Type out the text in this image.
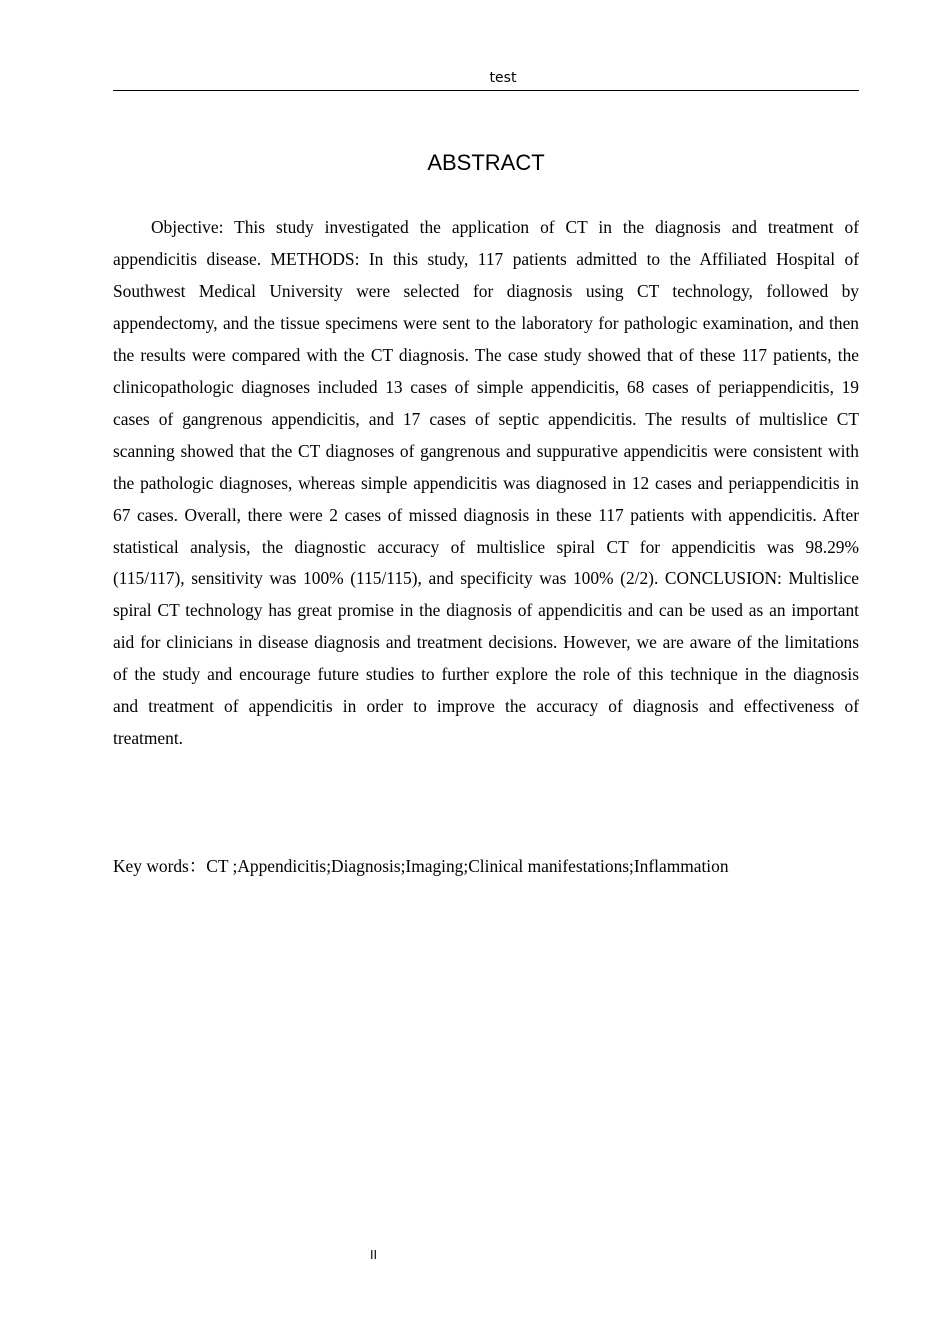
test
ABSTRACT

Objective: This study investigated the application of CT in the diagnosis and treatment of appendicitis disease. METHODS: In this study, 117 patients admitted to the Affiliated Hospital of Southwest Medical University were selected for diagnosis using CT technology, followed by appendectomy, and the tissue specimens were sent to the laboratory for pathologic examination, and then the results were compared with the CT diagnosis. The case study showed that of these 117 patients, the clinicopathologic diagnoses included 13 cases of simple appendicitis, 68 cases of periappendicitis, 19 cases of gangrenous appendicitis, and 17 cases of septic appendicitis. The results of multislice CT scanning showed that the CT diagnoses of gangrenous and suppurative appendicitis were consistent with the pathologic diagnoses, whereas simple appendicitis was diagnosed in 12 cases and periappendicitis in 67 cases. Overall, there were 2 cases of missed diagnosis in these 117 patients with appendicitis. After statistical analysis, the diagnostic accuracy of multislice spiral CT for appendicitis was 98.29% (115/117), sensitivity was 100% (115/115), and specificity was 100% (2/2). CONCLUSION: Multislice spiral CT technology has great promise in the diagnosis of appendicitis and can be used as an important aid for clinicians in disease diagnosis and treatment decisions. However, we are aware of the limitations of the study and encourage future studies to further explore the role of this technique in the diagnosis and treatment of appendicitis in order to improve the accuracy of diagnosis and effectiveness of treatment.

Key words：CT ;Appendicitis;Diagnosis;Imaging;Clinical manifestations;Inflammation

II
